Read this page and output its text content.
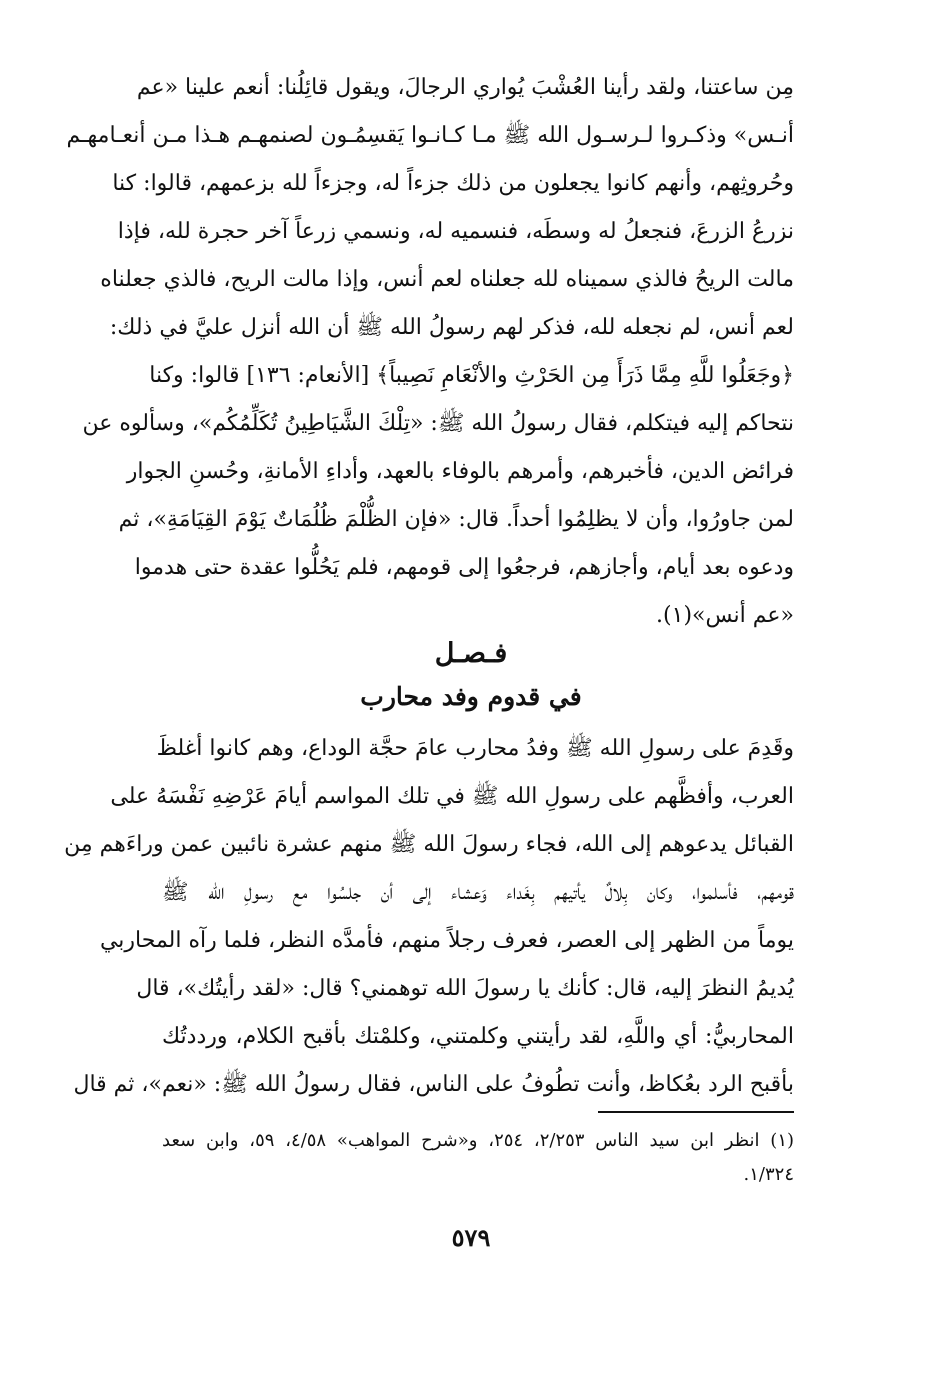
مِن ساعتنا، ولقد رأينا العُشْبَ يُواري الرجالَ، ويقول قائِلُنا: أنعم علينا «عم
أنـس» وذكـروا لـرسـول الله ﷺ مـا كـانـوا يَقسِمُـون لصنمهـم هـذا مـن أنعـامهـم
وحُروثِهم، وأنهم كانوا يجعلون من ذلك جزءاً له، وجزءاً لله بزعمهم، قالوا: كنا
نزرعُ الزرعَ، فنجعلُ له وسطَه، فنسميه له، ونسمي زرعاً آخر حجرة لله، فإذا
مالت الريحُ فالذي سميناه لله جعلناه لعم أنس، وإذا مالت الريح، فالذي جعلناه
لعم أنس، لم نجعله لله، فذكر لهم رسولُ الله ﷺ أن الله أنزل عليَّ في ذلك:
﴿وجَعَلُوا للَّهِ مِمَّا ذَرَأَ مِن الحَرْثِ والأنْعَامِ نَصِيباً﴾ [الأنعام: ١٣٦] قالوا: وكنا
نتحاكم إليه فيتكلم، فقال رسولُ الله ﷺ: «تِلْكَ الشَّيَاطِينُ تُكَلِّمُكُم»، وسألوه عن
فرائض الدين، فأخبرهم، وأمرهم بالوفاء بالعهد، وأداءِ الأمانةِ، وحُسنِ الجوار
لمن جاورُوا، وأن لا يظلِمُوا أحداً. قال: «فإن الظُّلْمَ ظُلُمَاتٌ يَوْمَ القِيَامَةِ»، ثم
ودعوه بعد أيام، وأجازهم، فرجعُوا إلى قومهم، فلم يَحُلُّوا عقدة حتى هدموا
«عم أنس»(١).
فـصـل
في قدوم وفد محارب
وقَدِمَ على رسولِ الله ﷺ وفدُ محارب عامَ حجَّة الوداع، وهم كانوا أغلظَ
العرب، وأفظَّهم على رسولِ الله ﷺ في تلك المواسم أيامَ عَرْضِهِ نَفْسَهُ على
القبائل يدعوهم إلى الله، فجاء رسولَ الله ﷺ منهم عشرة نائبين عمن وراءَهم مِن
قومهم، فأسلموا، وكان بِلالٌ يأتيهم بِغَداء وَعشاء إلى أن جلسُوا مع رسولِ الله ﷺ
يوماً من الظهر إلى العصر، فعرف رجلاً منهم، فأمدَّه النظر، فلما رآه المحاربي
يُديمُ النظرَ إليه، قال: كأنك يا رسولَ الله توهمني؟ قال: «لقد رأيتُك»، قال
المحاربيُّ: أي واللَّهِ، لقد رأيتني وكلمتني، وكلمْتك بأقبح الكلام، ورددتُك
بأقبح الرد بعُكاظ، وأنت تطُوفُ على الناس، فقال رسولُ الله ﷺ: «نعم»، ثم قال
(١) انظر ابن سيد الناس ٢/٢٥٣، ٢٥٤، و«شرح المواهب» ٤/٥٨، ٥٩، وابن سعد
١/٣٢٤.
٥٧٩
